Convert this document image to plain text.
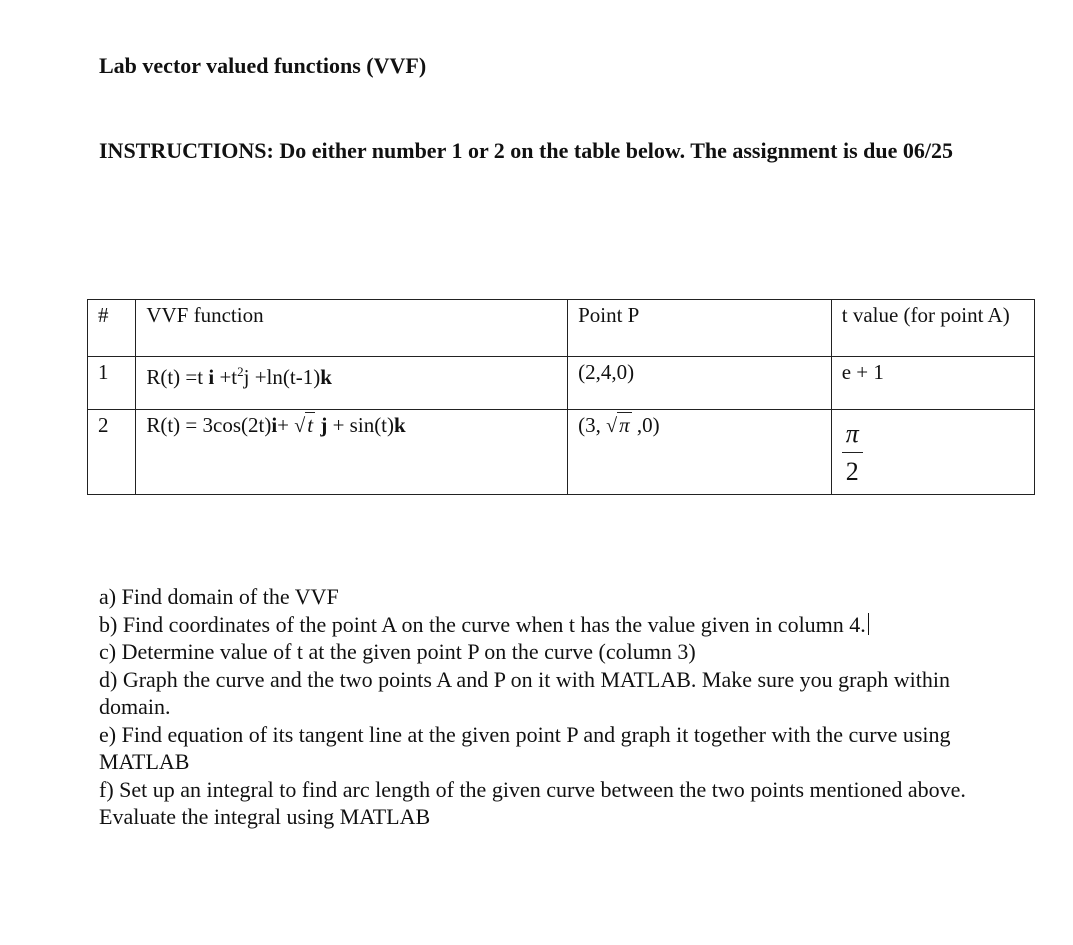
Lab vector valued functions (VVF)
INSTRUCTIONS: Do either number 1 or 2 on the table below. The assignment is due 06/25
#	VVF function	Point P	t value (for point A)
1	R(t) =t $i +t^2j +\ln(t-1)k$	(2,4,0)	e + 1
2	R(t) = 3cos(2t)i+ √t j + sin(t)k	(3, √π ,0)	$\frac{\pi}{2}$
a) Find domain of the VVF
b) Find coordinates of the point A on the curve when t has the value given in column 4.
c) Determine value of t at the given point P on the curve (column 3)
d) Graph the curve and the two points A and P on it with MATLAB. Make sure you graph within domain.
e) Find equation of its tangent line at the given point P and graph it together with the curve using MATLAB
f) Set up an integral to find arc length of the given curve between the two points mentioned above. Evaluate the integral using MATLAB
